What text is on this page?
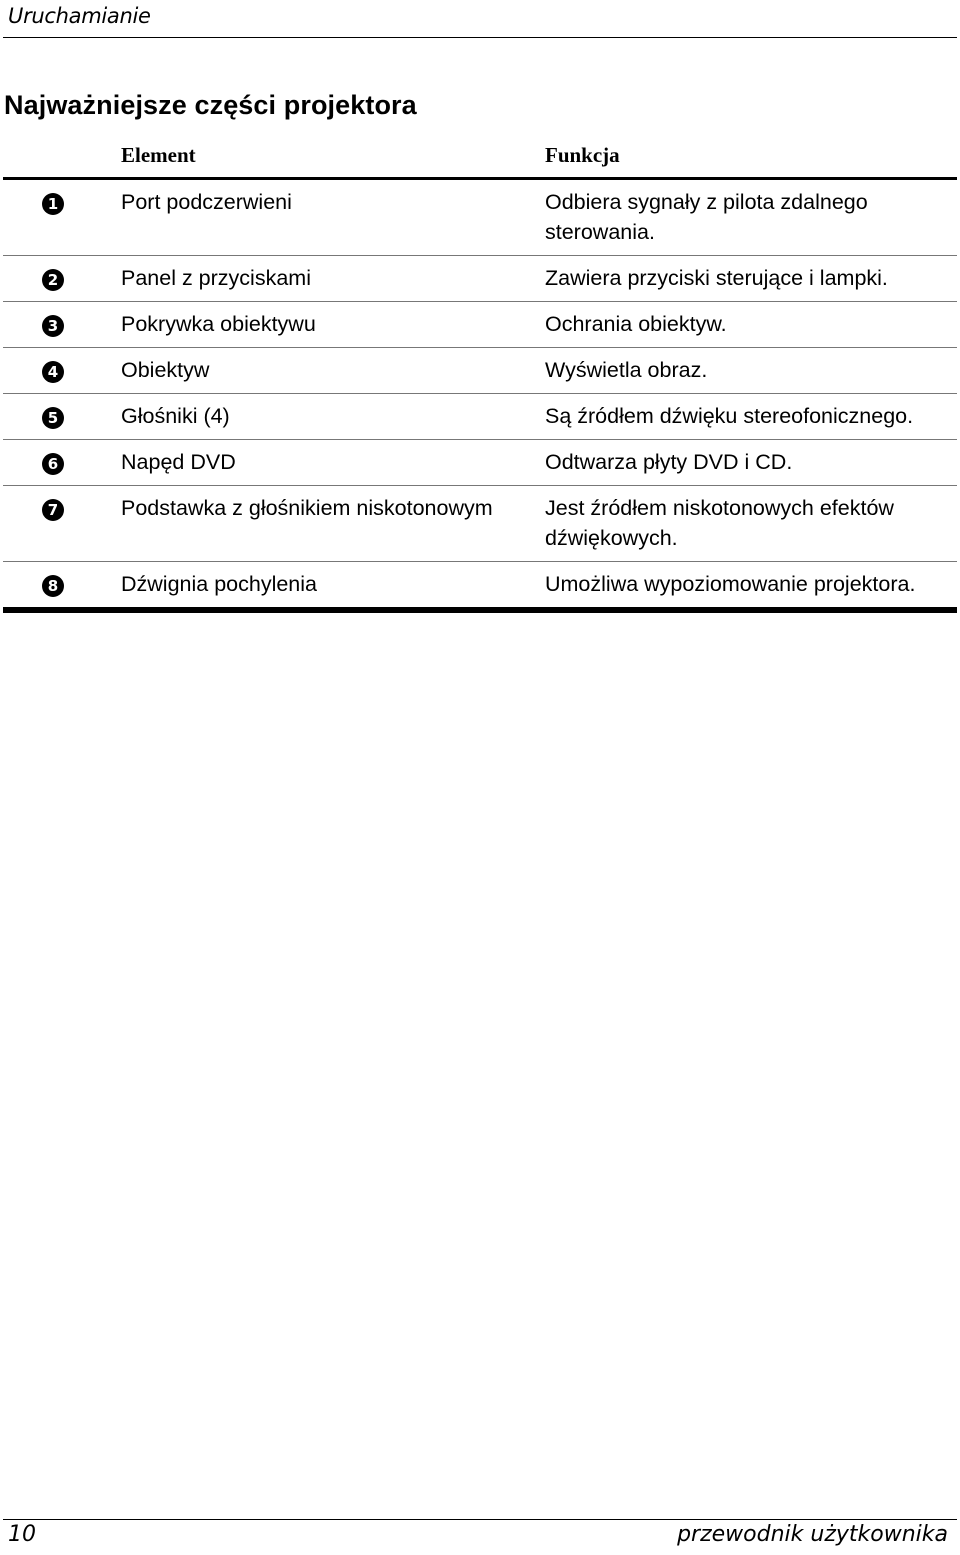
Uruchamianie
Najważniejsze części projektora
	Element	Funkcja
1	Port podczerwieni	Odbiera sygnały z pilota zdalnego sterowania.
2	Panel z przyciskami	Zawiera przyciski sterujące i lampki.
3	Pokrywka obiektywu	Ochrania obiektyw.
4	Obiektyw	Wyświetla obraz.
5	Głośniki (4)	Są źródłem dźwięku stereofonicznego.
6	Napęd DVD	Odtwarza płyty DVD i CD.
7	Podstawka z głośnikiem niskotonowym	Jest źródłem niskotonowych efektów dźwiękowych.
8	Dźwignia pochylenia	Umożliwa wypoziomowanie projektora.
10	przewodnik użytkownika
